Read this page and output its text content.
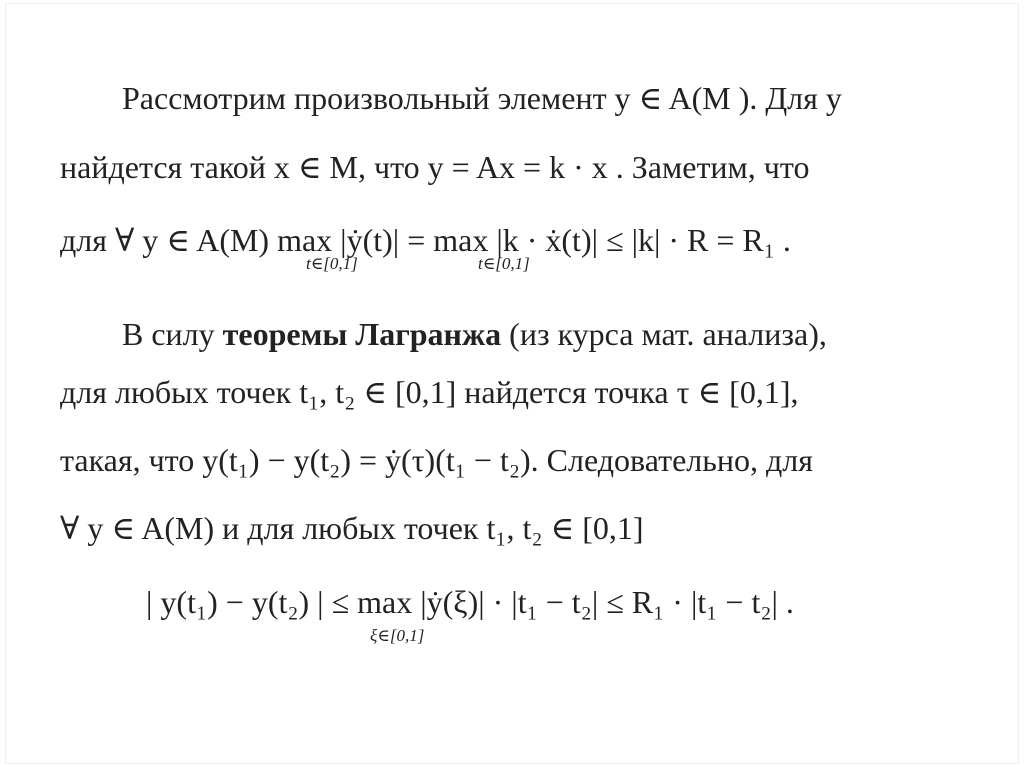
Рассмотрим произвольный элемент y ∈ A(M ). Для y
найдется такой x ∈ M, что y = Ax = k · x . Заметим, что
для ∀ y ∈ A(M) max |ẏ(t)| = max |k · ẋ(t)| ≤ |k| · R = R₁ .
t∈[0,1]	t∈[0,1]
В силу теоремы Лагранжа (из курса мат. анализа),
для любых точек t₁, t₂ ∈ [0,1] найдется точка τ ∈ [0,1],
такая, что y(t₁) − y(t₂) = ẏ(τ)(t₁ − t₂). Следовательно, для
∀ y ∈ A(M) и для любых точек t₁, t₂ ∈ [0,1]
| y(t₁) − y(t₂) | ≤ max |ẏ(ξ)| · |t₁ − t₂| ≤ R₁ · |t₁ − t₂| .
ξ∈[0,1]
